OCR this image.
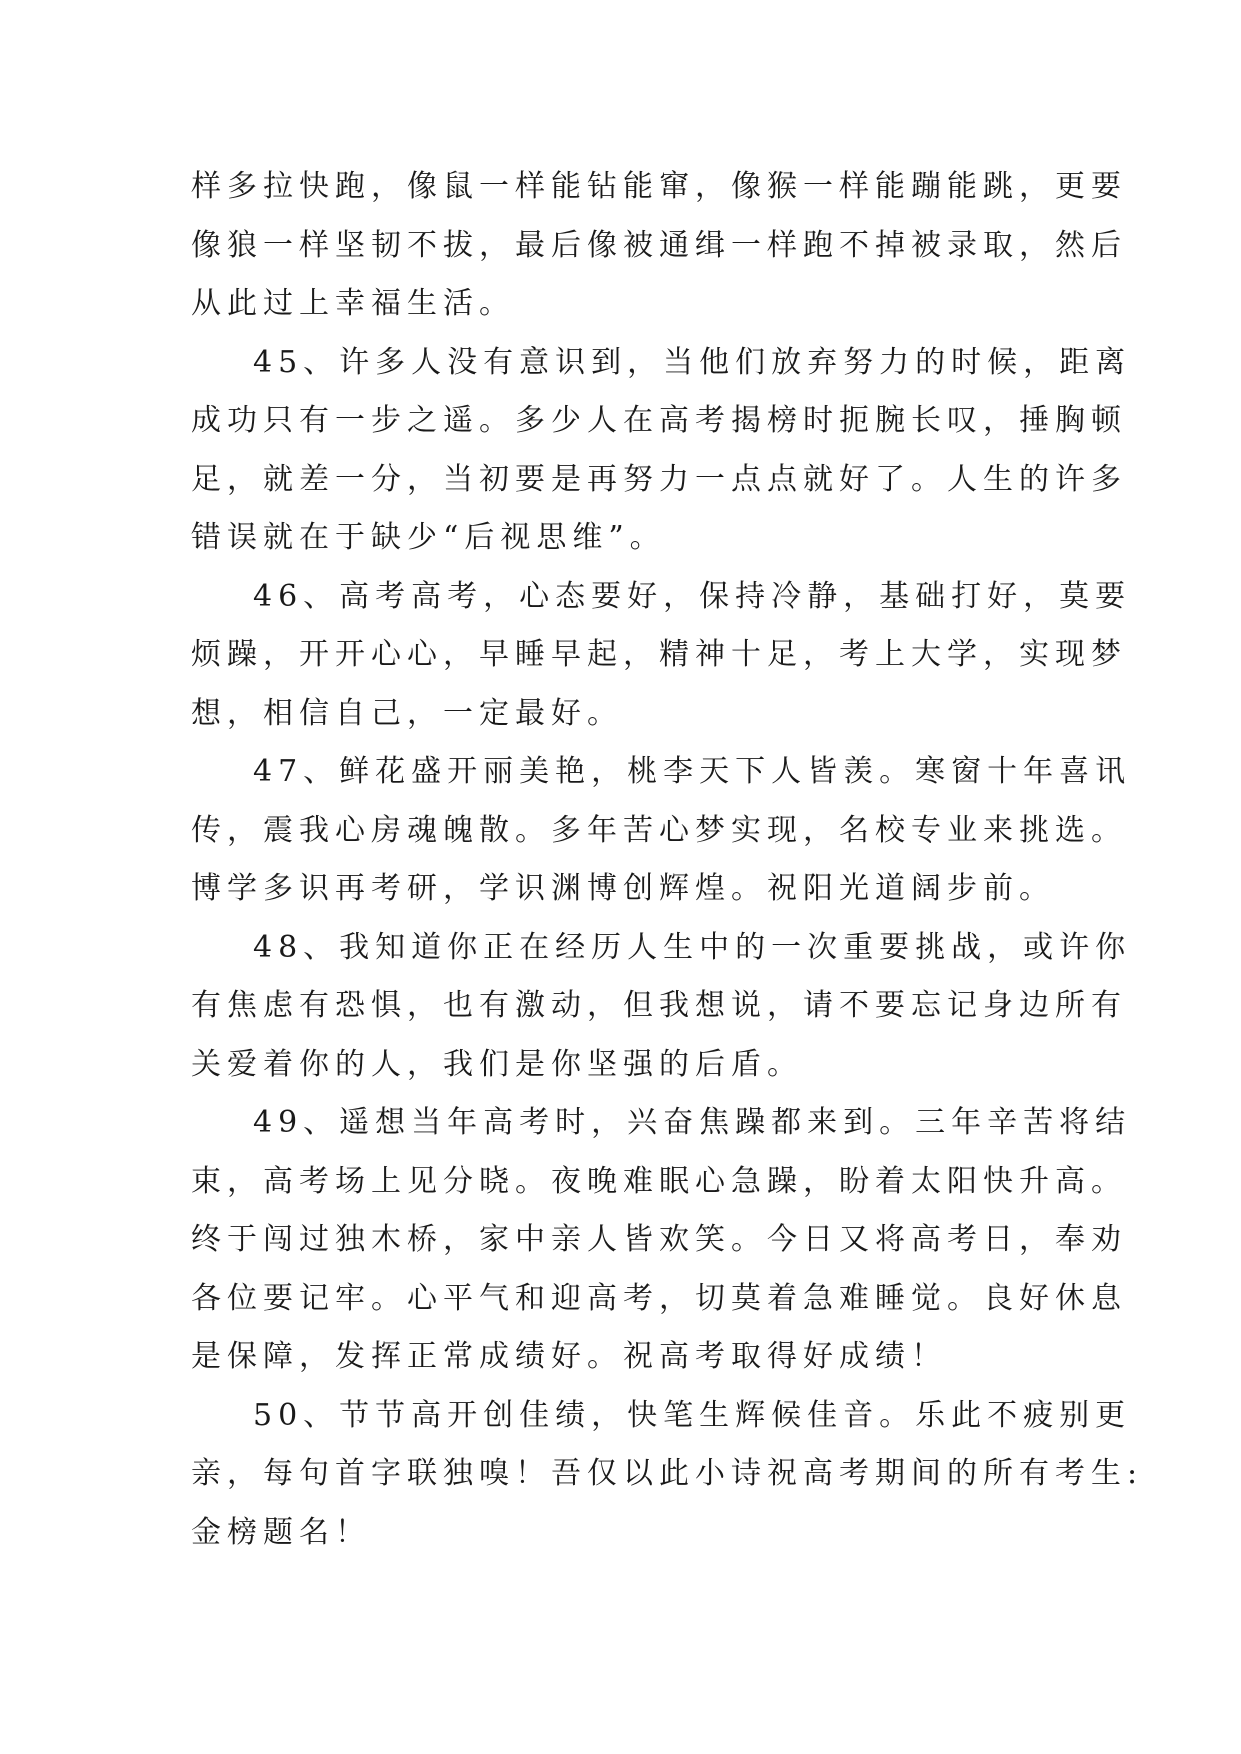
样多拉快跑，像鼠一样能钻能窜，像猴一样能蹦能跳，更要
像狼一样坚韧不拔，最后像被通缉一样跑不掉被录取，然后
从此过上幸福生活。

45、许多人没有意识到，当他们放弃努力的时候，距离
成功只有一步之遥。多少人在高考揭榜时扼腕长叹，捶胸顿
足，就差一分，当初要是再努力一点点就好了。人生的许多
错误就在于缺少“后视思维”。

46、高考高考，心态要好，保持冷静，基础打好，莫要
烦躁，开开心心，早睡早起，精神十足，考上大学，实现梦
想，相信自己，一定最好。

47、鲜花盛开丽美艳，桃李天下人皆羡。寒窗十年喜讯
传，震我心房魂魄散。多年苦心梦实现，名校专业来挑选。
博学多识再考研，学识渊博创辉煌。祝阳光道阔步前。

48、我知道你正在经历人生中的一次重要挑战，或许你
有焦虑有恐惧，也有激动，但我想说，请不要忘记身边所有
关爱着你的人，我们是你坚强的后盾。

49、遥想当年高考时，兴奋焦躁都来到。三年辛苦将结
束，高考场上见分晓。夜晚难眠心急躁，盼着太阳快升高。
终于闯过独木桥，家中亲人皆欢笑。今日又将高考日，奉劝
各位要记牢。心平气和迎高考，切莫着急难睡觉。良好休息
是保障，发挥正常成绩好。祝高考取得好成绩！

50、节节高开创佳绩，快笔生辉候佳音。乐此不疲别更
亲，每句首字联独嗅！吾仅以此小诗祝高考期间的所有考生:
金榜题名！
